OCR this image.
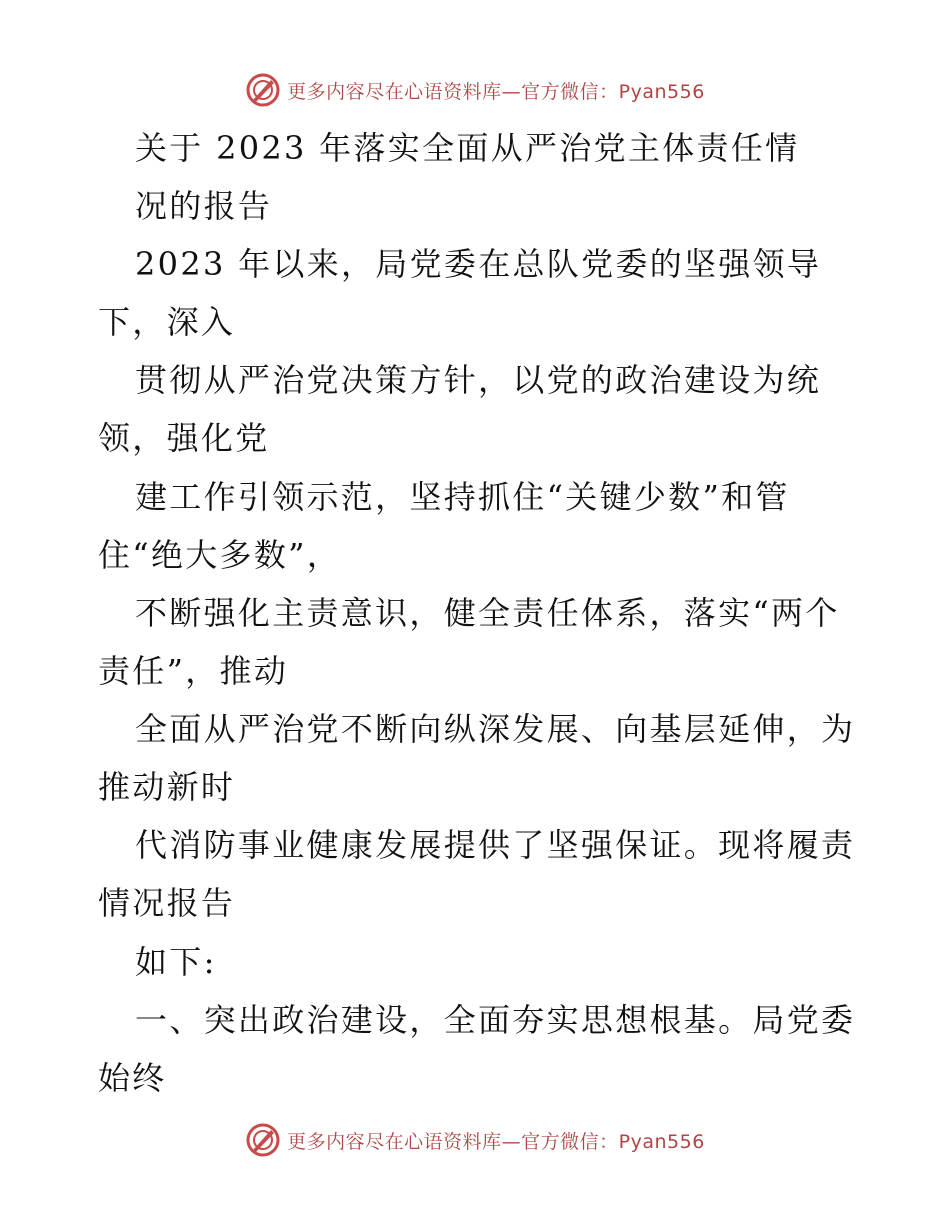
更多内容尽在心语资料库—官方微信：Pyan556
关于 2023 年落实全面从严治党主体责任情
况的报告
2023 年以来，局党委在总队党委的坚强领导
下，深入
贯彻从严治党决策方针，以党的政治建设为统
领，强化党
建工作引领示范，坚持抓住“关键少数”和管
住“绝大多数”，
不断强化主责意识，健全责任体系，落实“两个
责任”，推动
全面从严治党不断向纵深发展、向基层延伸，为
推动新时
代消防事业健康发展提供了坚强保证。现将履责
情况报告
如下:
一、突出政治建设，全面夯实思想根基。局党委
始终
更多内容尽在心语资料库—官方微信：Pyan556
